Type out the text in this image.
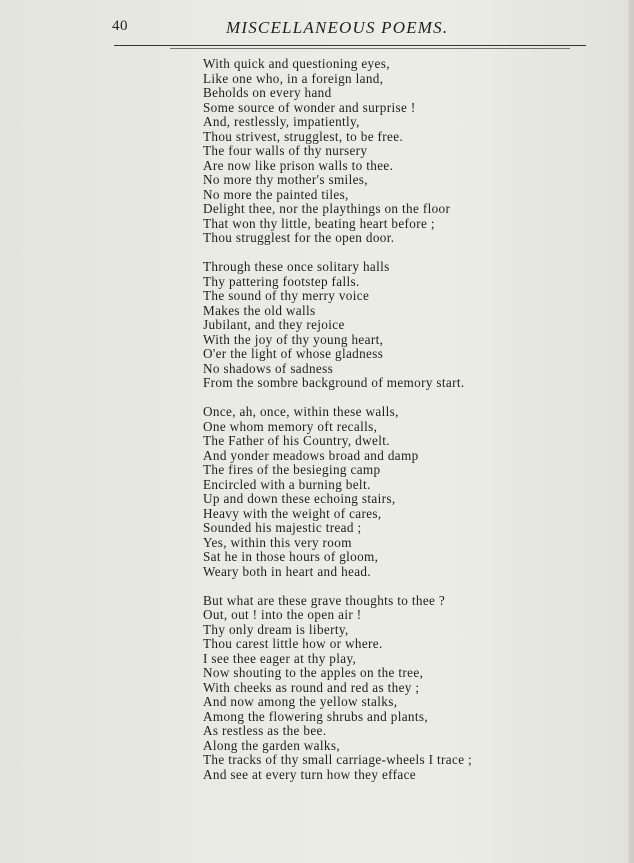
40	MISCELLANEOUS POEMS.
With quick and questioning eyes,
Like one who, in a foreign land,
Beholds on every hand
Some source of wonder and surprise !
And, restlessly, impatiently,
Thou strivest, strugglest, to be free.
The four walls of thy nursery
Are now like prison walls to thee.
No more thy mother's smiles,
No more the painted tiles,
Delight thee, nor the playthings on the floor
That won thy little, beating heart before ;
Thou strugglest for the open door.
Through these once solitary halls
Thy pattering footstep falls.
The sound of thy merry voice
Makes the old walls
Jubilant, and they rejoice
With the joy of thy young heart,
O'er the light of whose gladness
No shadows of sadness
From the sombre background of memory start.
Once, ah, once, within these walls,
One whom memory oft recalls,
The Father of his Country, dwelt.
And yonder meadows broad and damp
The fires of the besieging camp
Encircled with a burning belt.
Up and down these echoing stairs,
Heavy with the weight of cares,
Sounded his majestic tread ;
Yes, within this very room
Sat he in those hours of gloom,
Weary both in heart and head.
But what are these grave thoughts to thee ?
Out, out ! into the open air !
Thy only dream is liberty,
Thou carest little how or where.
I see thee eager at thy play,
Now shouting to the apples on the tree,
With cheeks as round and red as they ;
And now among the yellow stalks,
Among the flowering shrubs and plants,
As restless as the bee.
Along the garden walks,
The tracks of thy small carriage-wheels I trace ;
And see at every turn how they efface
